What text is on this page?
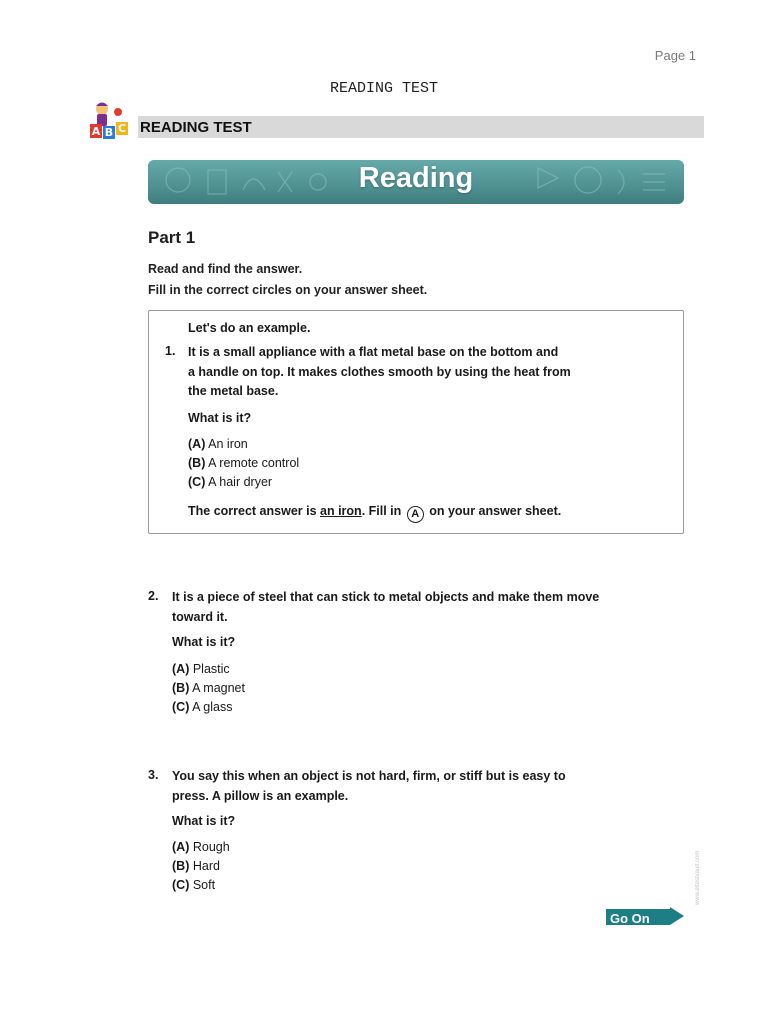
Page 1
READING TEST
A B C READING TEST
Reading
Part 1
Read and find the answer.
Fill in the correct circles on your answer sheet.
Let's do an example.
1. It is a small appliance with a flat metal base on the bottom and
a handle on top. It makes clothes smooth by using the heat from
the metal base.
What is it?
(A) An iron
(B) A remote control
(C) A hair dryer
The correct answer is an iron. Fill in A on your answer sheet.
2. It is a piece of steel that can stick to metal objects and make them move
toward it.
What is it?
(A) Plastic
(B) A magnet
(C) A glass
3. You say this when an object is not hard, firm, or stiff but is easy to
press. A pillow is an example.
What is it?
(A) Rough
(B) Hard
(C) Soft	www.eltestvault.com
Go On
